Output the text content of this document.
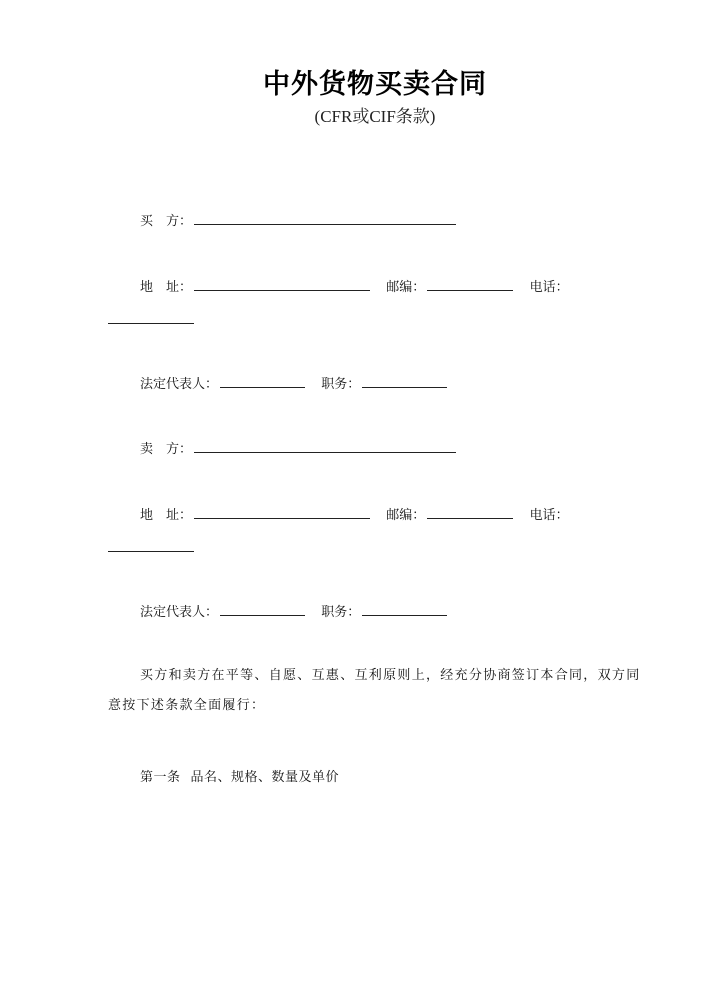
中外货物买卖合同
(CFR或CIF条款)
买　方：
地　址：	邮编：	电话：
法定代表人：	职务：
卖　方：
地　址：	邮编：	电话：
法定代表人：	职务：
买方和卖方在平等、自愿、互惠、互利原则上，经充分协商签订本合同，双方同意按下述条款全面履行：
第一条 品名、规格、数量及单价
